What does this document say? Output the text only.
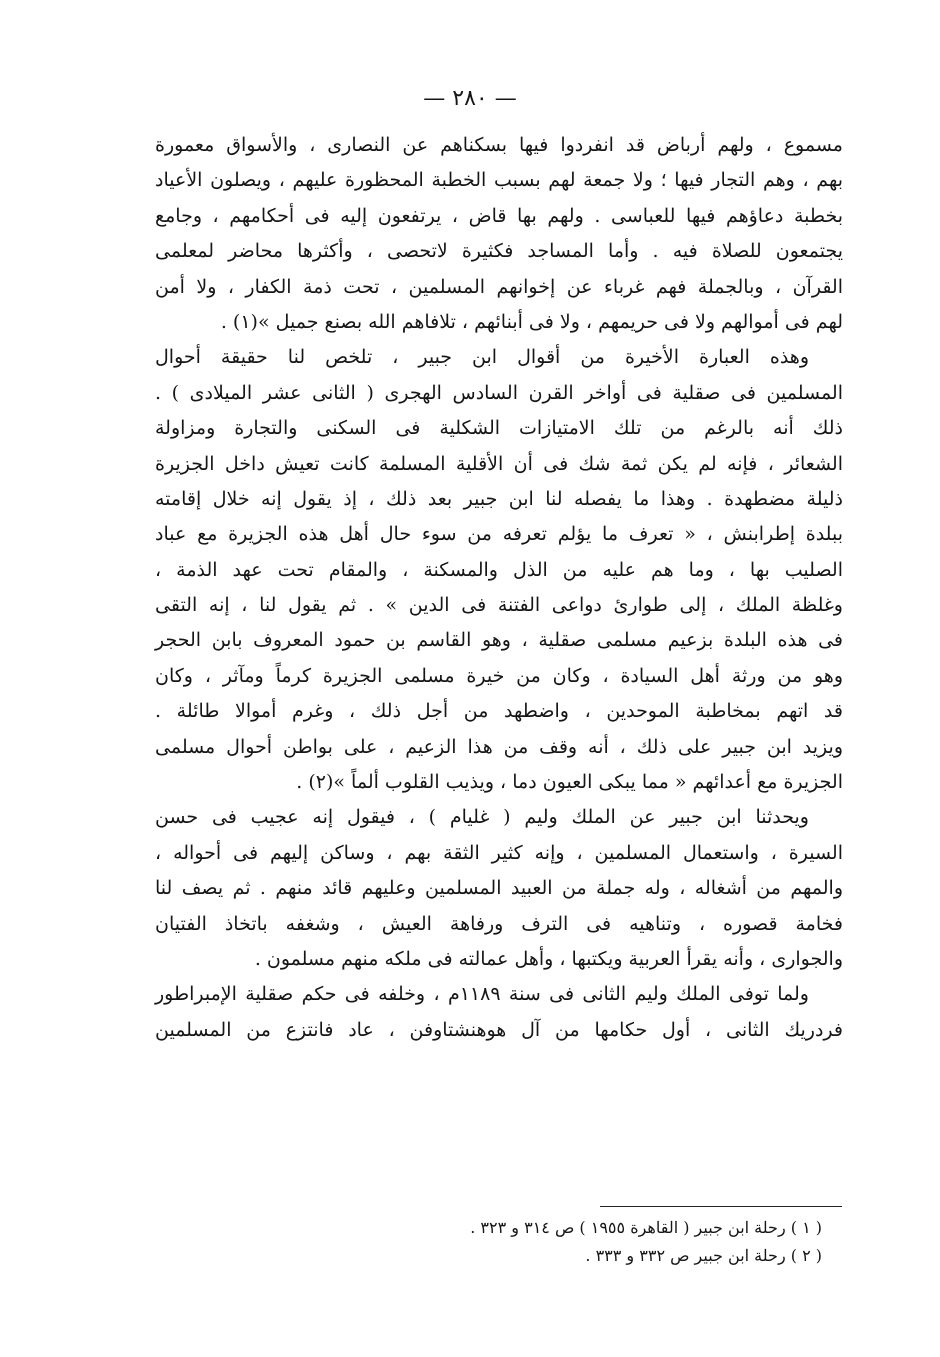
— ٢٨٠ —

مسموع ، ولهم أرباض قد انفردوا فيها بسكناهم عن النصارى ، والأسواق معمورة

بهم ، وهم التجار فيها ؛ ولا جمعة لهم بسبب الخطبة المحظورة عليهم ، ويصلون الأعياد

بخطبة دعاؤهم فيها للعباسى . ولهم بها قاض ، يرتفعون إليه فى أحكامهم ، وجامع

يجتمعون للصلاة فيه . وأما المساجد فكثيرة لاتحصى ، وأكثرها محاضر لمعلمى

القرآن ، وبالجملة فهم غرباء عن إخوانهم المسلمين ، تحت ذمة الكفار ، ولا أمن

لهم فى أموالهم ولا فى حريمهم ، ولا فى أبنائهم ، تلافاهم الله بصنع جميل »(١) .

وهذه العبارة الأخيرة من أقوال ابن جبير ، تلخص لنا حقيقة أحوال

المسلمين فى صقلية فى أواخر القرن السادس الهجرى ( الثانى عشر الميلادى ) .

ذلك أنه بالرغم من تلك الامتيازات الشكلية فى السكنى والتجارة ومزاولة

الشعائر ، فإنه لم يكن ثمة شك فى أن الأقلية المسلمة كانت تعيش داخل الجزيرة

ذليلة مضطهدة . وهذا ما يفصله لنا ابن جبير بعد ذلك ، إذ يقول إنه خلال إقامته

ببلدة إطرابنش ، « تعرف ما يؤلم تعرفه من سوء حال أهل هذه الجزيرة مع عباد

الصليب بها ، وما هم عليه من الذل والمسكنة ، والمقام تحت عهد الذمة ،

وغلظة الملك ، إلى طوارئ دواعى الفتنة فى الدين » . ثم يقول لنا ، إنه التقى

فى هذه البلدة بزعيم مسلمى صقلية ، وهو القاسم بن حمود المعروف بابن الحجر

وهو من ورثة أهل السيادة ، وكان من خيرة مسلمى الجزيرة كرماً ومآثر ، وكان

قد اتهم بمخاطبة الموحدين ، واضطهد من أجل ذلك ، وغرم أموالا طائلة .

ويزيد ابن جبير على ذلك ، أنه وقف من هذا الزعيم ، على بواطن أحوال مسلمى

الجزيرة مع أعدائهم « مما يبكى العيون دما ، ويذيب القلوب ألماً »(٢) .

ويحدثنا ابن جبير عن الملك وليم ( غليام ) ، فيقول إنه عجيب فى حسن

السيرة ، واستعمال المسلمين ، وإنه كثير الثقة بهم ، وساكن إليهم فى أحواله ،

والمهم من أشغاله ، وله جملة من العبيد المسلمين وعليهم قائد منهم . ثم يصف لنا

فخامة قصوره ، وتناهيه فى الترف ورفاهة العيش ، وشغفه باتخاذ الفتيان

والجوارى ، وأنه يقرأ العربية ويكتبها ، وأهل عمالته فى ملكه منهم مسلمون .

ولما توفى الملك وليم الثانى فى سنة ١١٨٩م ، وخلفه فى حكم صقلية الإمبراطور

فردريك الثانى ، أول حكامها من آل هوهنشتاوفن ، عاد فانتزع من المسلمين

( ١ ) رحلة ابن جبير ( القاهرة ١٩٥٥ ) ص ٣١٤ و ٣٢٣ .
( ٢ ) رحلة ابن جبير ص ٣٣٢ و ٣٣٣ .
